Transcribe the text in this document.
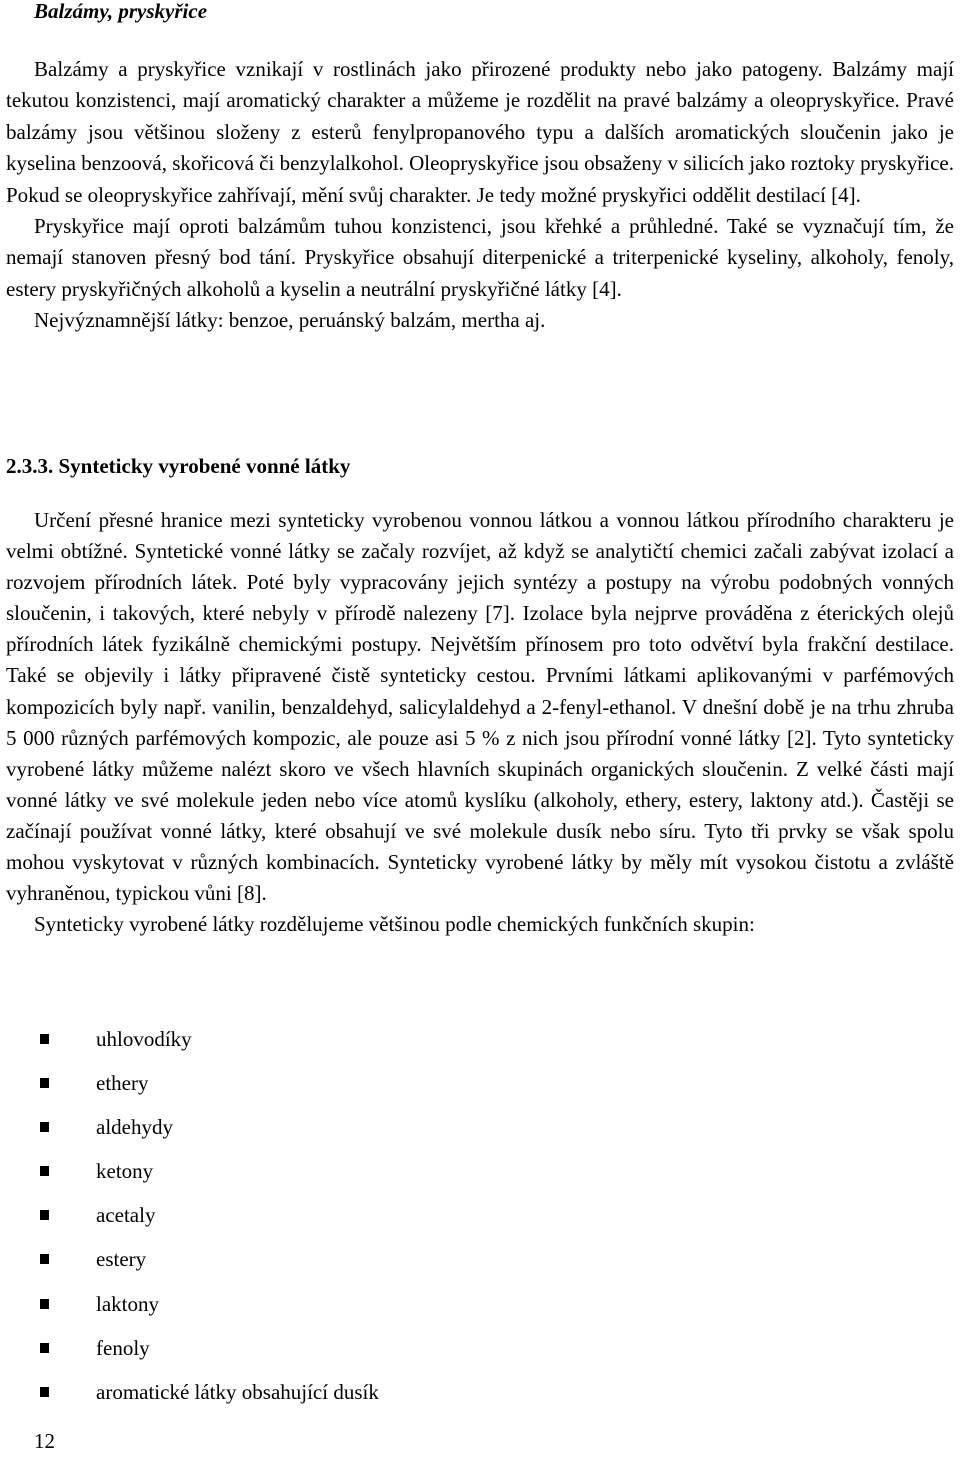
Balzámy, pryskyřice

Balzámy a pryskyřice vznikají v rostlinách jako přirozené produkty nebo jako patogeny. Balzámy mají tekutou konzistenci, mají aromatický charakter a můžeme je rozdělit na pravé balzámy a oleopryskyřice. Pravé balzámy jsou většinou složeny z esterů fenylpropanového typu a dalších aromatických sloučenin jako je kyselina benzoová, skořicová či benzylalkohol. Oleopryskyřice jsou obsaženy v silicích jako roztoky pryskyřice. Pokud se oleopryskyřice zahřívají, mění svůj charakter. Je tedy možné pryskyřici oddělit destilací [4].

Pryskyřice mají oproti balzámům tuhou konzistenci, jsou křehké a průhledné. Také se vyznačují tím, že nemají stanoven přesný bod tání. Pryskyřice obsahují diterpenické a triterpenické kyseliny, alkoholy, fenoly, estery pryskyřičných alkoholů a kyselin a neutrální pryskyřičné látky [4].

Nejvýznamnější látky: benzoe, peruánský balzám, mertha aj.

2.3.3. Synteticky vyrobené vonné látky

Určení přesné hranice mezi synteticky vyrobenou vonnou látkou a vonnou látkou přírodního charakteru je velmi obtížné. Syntetické vonné látky se začaly rozvíjet, až když se analytičtí chemici začali zabývat izolací a rozvojem přírodních látek. Poté byly vypracovány jejich syntézy a postupy na výrobu podobných vonných sloučenin, i takových, které nebyly v přírodě nalezeny [7]. Izolace byla nejprve prováděna z éterických olejů přírodních látek fyzikálně chemickými postupy. Největším přínosem pro toto odvětví byla frakční destilace. Také se objevily i látky připravené čistě synteticky cestou. Prvními látkami aplikovanými v parfémových kompozicích byly např. vanilin, benzaldehyd, salicylaldehyd a 2-fenyl-ethanol. V dnešní době je na trhu zhruba 5 000 různých parfémových kompozic, ale pouze asi 5 % z nich jsou přírodní vonné látky [2]. Tyto synteticky vyrobené látky můžeme nalézt skoro ve všech hlavních skupinách organických sloučenin. Z velké části mají vonné látky ve své molekule jeden nebo více atomů kyslíku (alkoholy, ethery, estery, laktony atd.). Častěji se začínají používat vonné látky, které obsahují ve své molekule dusík nebo síru. Tyto tři prvky se však spolu mohou vyskytovat v různých kombinacích. Synteticky vyrobené látky by měly mít vysokou čistotu a zvláště vyhraněnou, typickou vůni [8].

Synteticky vyrobené látky rozdělujeme většinou podle chemických funkčních skupin:

uhlovodíky
ethery
aldehydy
ketony
acetaly
estery
laktony
fenoly
aromatické látky obsahující dusík
12
